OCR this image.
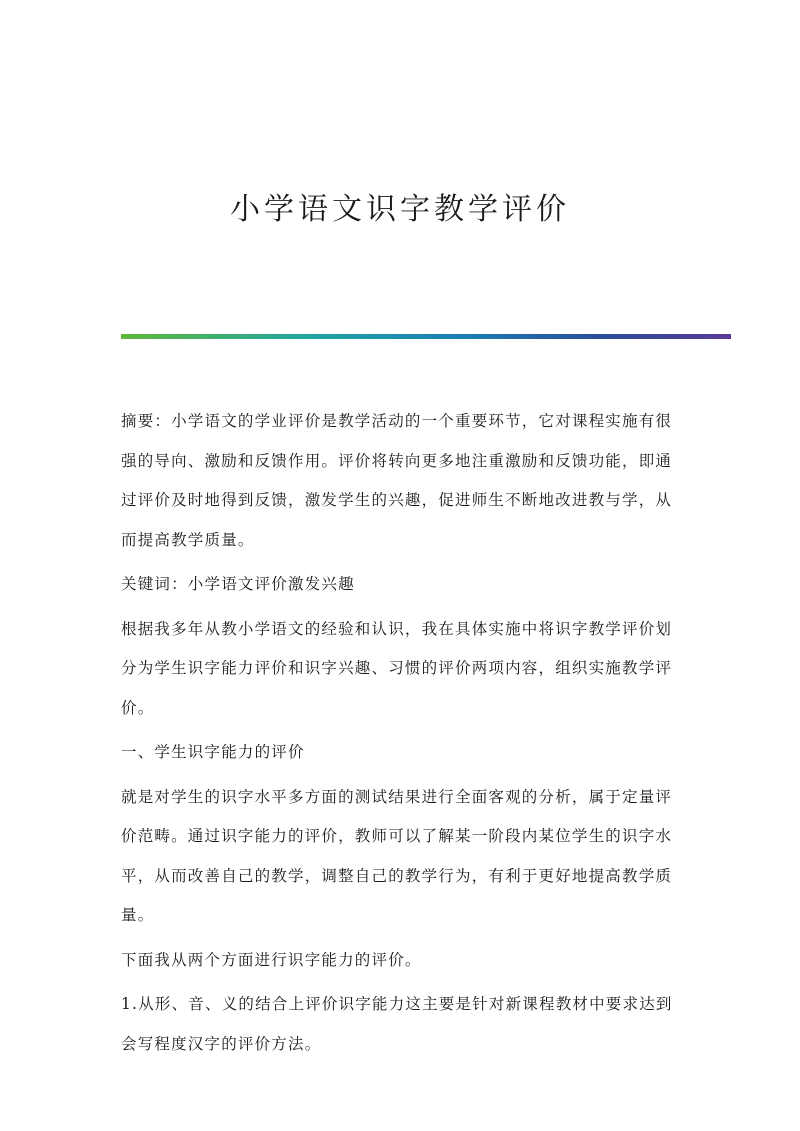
小学语文识字教学评价

摘要：小学语文的学业评价是教学活动的一个重要环节，它对课程实施有很强的导向、激励和反馈作用。评价将转向更多地注重激励和反馈功能，即通过评价及时地得到反馈，激发学生的兴趣，促进师生不断地改进教与学，从而提高教学质量。

关键词：小学语文评价激发兴趣

根据我多年从教小学语文的经验和认识，我在具体实施中将识字教学评价划分为学生识字能力评价和识字兴趣、习惯的评价两项内容，组织实施教学评价。

一、学生识字能力的评价

就是对学生的识字水平多方面的测试结果进行全面客观的分析，属于定量评价范畴。通过识字能力的评价，教师可以了解某一阶段内某位学生的识字水平，从而改善自己的教学，调整自己的教学行为，有利于更好地提高教学质量。

下面我从两个方面进行识字能力的评价。

1.从形、音、义的结合上评价识字能力这主要是针对新课程教材中要求达到会写程度汉字的评价方法。
